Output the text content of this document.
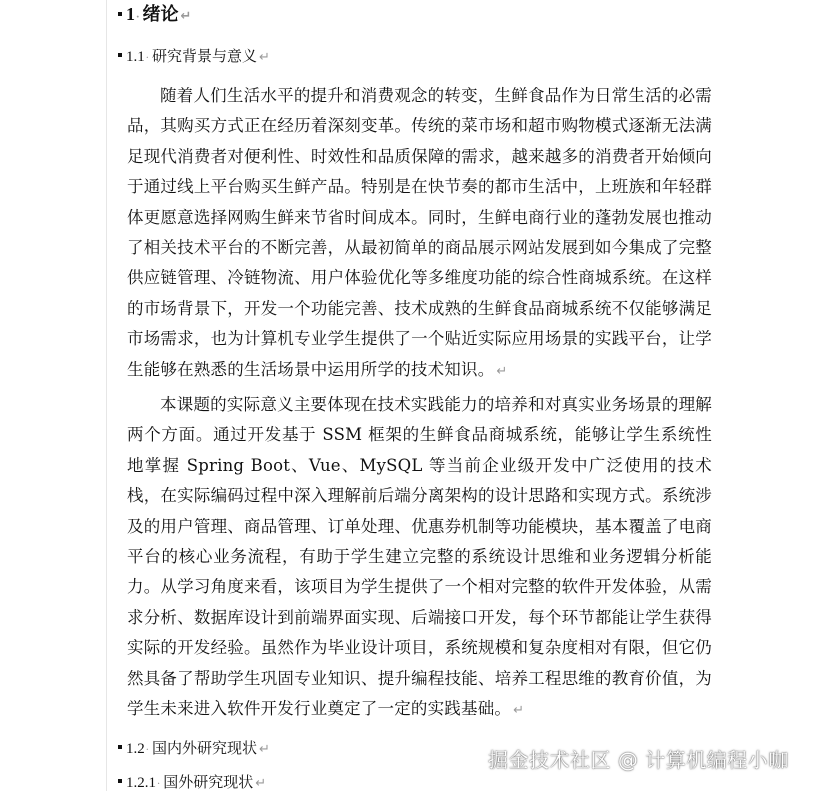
1 · 绪论 ↵
1.1 · 研究背景与意义 ↵

随着人们生活水平的提升和消费观念的转变，生鲜食品作为日常生活的必需品，其购买方式正在经历着深刻变革。传统的菜市场和超市购物模式逐渐无法满足现代消费者对便利性、时效性和品质保障的需求，越来越多的消费者开始倾向于通过线上平台购买生鲜产品。特别是在快节奏的都市生活中，上班族和年轻群体更愿意选择网购生鲜来节省时间成本。同时，生鲜电商行业的蓬勃发展也推动了相关技术平台的不断完善，从最初简单的商品展示网站发展到如今集成了完整供应链管理、冷链物流、用户体验优化等多维度功能的综合性商城系统。在这样的市场背景下，开发一个功能完善、技术成熟的生鲜食品商城系统不仅能够满足市场需求，也为计算机专业学生提供了一个贴近实际应用场景的实践平台，让学生能够在熟悉的生活场景中运用所学的技术知识。 ↵

本课题的实际意义主要体现在技术实践能力的培养和对真实业务场景的理解两个方面。通过开发基于 SSM 框架的生鲜食品商城系统，能够让学生系统性地掌握 Spring Boot、Vue、MySQL 等当前企业级开发中广泛使用的技术栈，在实际编码过程中深入理解前后端分离架构的设计思路和实现方式。系统涉及的用户管理、商品管理、订单处理、优惠券机制等功能模块，基本覆盖了电商平台的核心业务流程，有助于学生建立完整的系统设计思维和业务逻辑分析能力。从学习角度来看，该项目为学生提供了一个相对完整的软件开发体验，从需求分析、数据库设计到前端界面实现、后端接口开发，每个环节都能让学生获得实际的开发经验。虽然作为毕业设计项目，系统规模和复杂度相对有限，但它仍然具备了帮助学生巩固专业知识、提升编程技能、培养工程思维的教育价值，为学生未来进入软件开发行业奠定了一定的实践基础。 ↵

1.2 · 国内外研究现状 ↵
1.2.1 · 国外研究现状 ↵
掘金技术社区 @ 计算机编程小咖
